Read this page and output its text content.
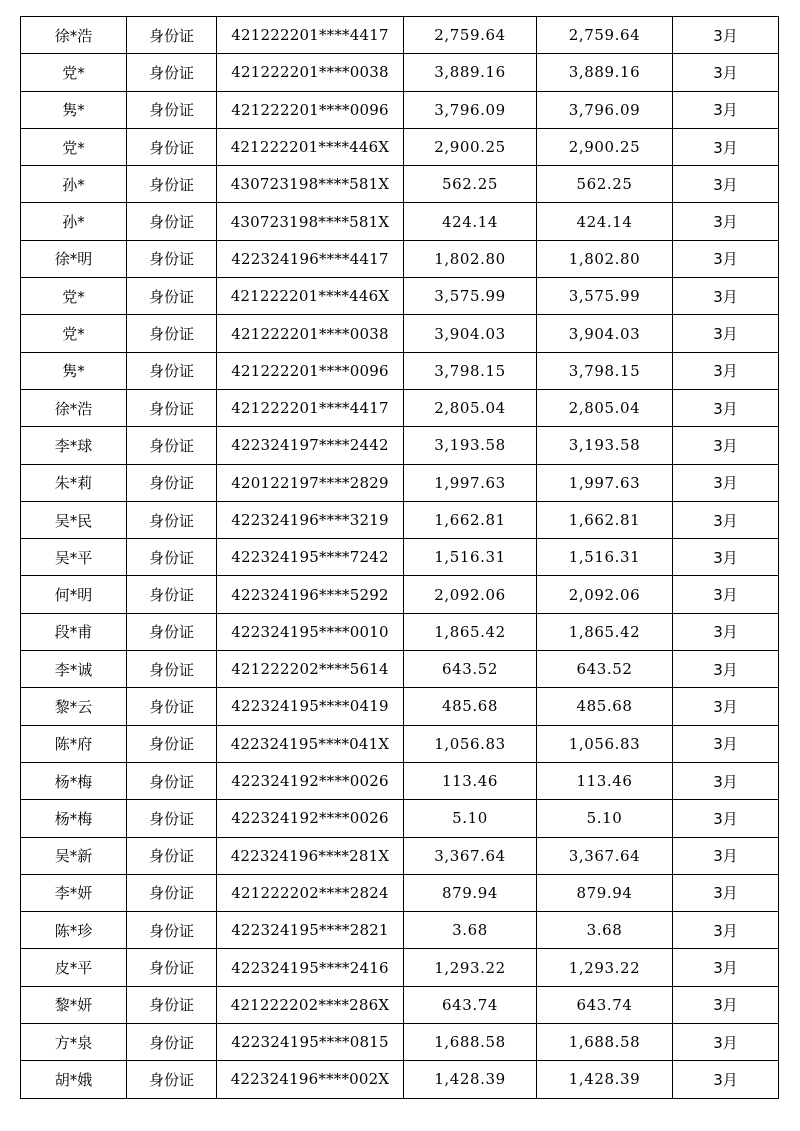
徐*浩	身份证	421222201****4417	2,759.64	2,759.64	3月
党*	身份证	421222201****0038	3,889.16	3,889.16	3月
隽*	身份证	421222201****0096	3,796.09	3,796.09	3月
党*	身份证	421222201****446X	2,900.25	2,900.25	3月
孙*	身份证	430723198****581X	562.25	562.25	3月
孙*	身份证	430723198****581X	424.14	424.14	3月
徐*明	身份证	422324196****4417	1,802.80	1,802.80	3月
党*	身份证	421222201****446X	3,575.99	3,575.99	3月
党*	身份证	421222201****0038	3,904.03	3,904.03	3月
隽*	身份证	421222201****0096	3,798.15	3,798.15	3月
徐*浩	身份证	421222201****4417	2,805.04	2,805.04	3月
李*球	身份证	422324197****2442	3,193.58	3,193.58	3月
朱*莉	身份证	420122197****2829	1,997.63	1,997.63	3月
吴*民	身份证	422324196****3219	1,662.81	1,662.81	3月
吴*平	身份证	422324195****7242	1,516.31	1,516.31	3月
何*明	身份证	422324196****5292	2,092.06	2,092.06	3月
段*甫	身份证	422324195****0010	1,865.42	1,865.42	3月
李*诚	身份证	421222202****5614	643.52	643.52	3月
黎*云	身份证	422324195****0419	485.68	485.68	3月
陈*府	身份证	422324195****041X	1,056.83	1,056.83	3月
杨*梅	身份证	422324192****0026	113.46	113.46	3月
杨*梅	身份证	422324192****0026	5.10	5.10	3月
吴*新	身份证	422324196****281X	3,367.64	3,367.64	3月
李*妍	身份证	421222202****2824	879.94	879.94	3月
陈*珍	身份证	422324195****2821	3.68	3.68	3月
皮*平	身份证	422324195****2416	1,293.22	1,293.22	3月
黎*妍	身份证	421222202****286X	643.74	643.74	3月
方*泉	身份证	422324195****0815	1,688.58	1,688.58	3月
胡*娥	身份证	422324196****002X	1,428.39	1,428.39	3月
